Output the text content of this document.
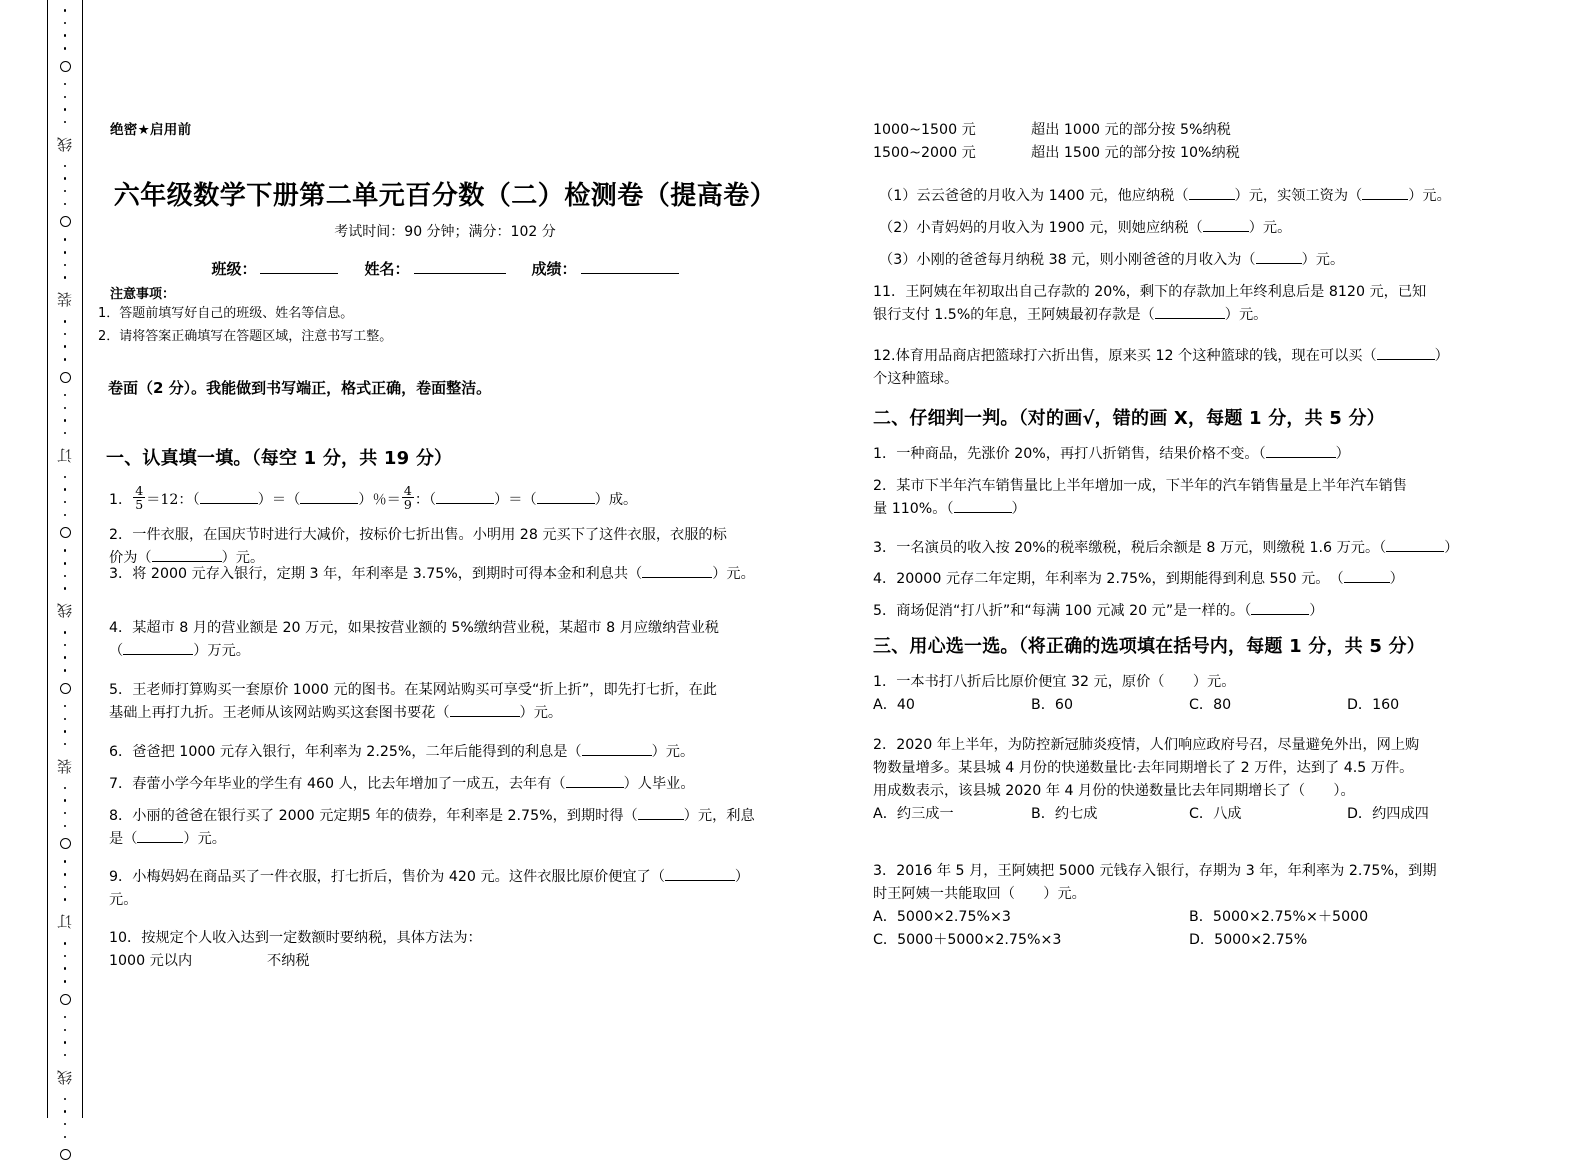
线
装
订
线
装
订
线
绝密★启用前
六年级数学下册第二单元百分数（二）检测卷（提高卷）
考试时间：90 分钟；满分：102 分
班级：	姓名：	成绩：
注意事项：
1．答题前填写好自己的班级、姓名等信息。
2．请将答案正确填写在答题区域，注意书写工整。
卷面（2 分）。我能做到书写端正，格式正确，卷面整洁。
一、认真填一填。（每空 1 分，共 19 分）
1． $\frac{4}{5} =12$：（	）＝（	）％＝ $\frac{4}{9}$ ：（	）＝（	）成。
2．一件衣服，在国庆节时进行大减价，按标价七折出售。小明用 28 元买下了这件衣服，衣服的标
价为（	）元。
3．将 2000 元存入银行，定期 3 年，年利率是 3.75%，到期时可得本金和利息共（	）元。
4．某超市 8 月的营业额是 20 万元，如果按营业额的 5%缴纳营业税，某超市 8 月应缴纳营业税
（	）万元。
5．王老师打算购买一套原价 1000 元的图书。在某网站购买可享受“折上折”，即先打七折，在此
基础上再打九折。王老师从该网站购买这套图书要花（	）元。
6．爸爸把 1000 元存入银行，年利率为 2.25%，二年后能得到的利息是（	）元。
7．春蕾小学今年毕业的学生有 460 人，比去年增加了一成五，去年有（	）人毕业。
8．小丽的爸爸在银行买了 2000 元定期5 年的债券，年利率是 2.75%，到期时得（	）元，利息
是（	）元。
9．小梅妈妈在商品买了一件衣服，打七折后，售价为 420 元。这件衣服比原价便宜了（	）
元。
10．按规定个人收入达到一定数额时要纳税，具体方法为：
1000 元以内	不纳税
1000~1500 元	超出 1000 元的部分按 5%纳税
1500~2000 元	超出 1500 元的部分按 10%纳税
（1）云云爸爸的月收入为 1400 元，他应纳税（	）元，实领工资为（	）元。
（2）小青妈妈的月收入为 1900 元，则她应纳税（	）元。
（3）小刚的爸爸每月纳税 38 元，则小刚爸爸的月收入为（	）元。
11．王阿姨在年初取出自己存款的 20%，剩下的存款加上年终利息后是 8120 元，已知
银行支付 1.5%的年息，王阿姨最初存款是（	）元。
12.体育用品商店把篮球打六折出售，原来买 12 个这种篮球的钱，现在可以买（	）
个这种篮球。
二、仔细判一判。（对的画√，错的画 X，每题 1 分，共 5 分）
1．一种商品，先涨价 20%，再打八折销售，结果价格不变。（	）
2．某市下半年汽车销售量比上半年增加一成，下半年的汽车销售量是上半年汽车销售
量 110%。（	）
3．一名演员的收入按 20%的税率缴税，税后余额是 8 万元，则缴税 1.6 万元。（	）
4．20000 元存二年定期，年利率为 2.75%，到期能得到利息 550 元。　（	）
5．商场促消“打八折”和“每满 100 元减 20 元”是一样的。（	）
三、用心选一选。（将正确的选项填在括号内，每题 1 分，共 5 分）
1．一本书打八折后比原价便宜 32 元，原价（　　）元。
A．40	B．60	C．80	D．160
2．2020 年上半年，为防控新冠肺炎疫情，人们响应政府号召，尽量避免外出，网上购
物数量增多。某县城 4 月份的快递数量比·去年同期增长了 2 万件，达到了 4.5 万件。
用成数表示，该县城 2020 年 4 月份的快递数量比去年同期增长了（　　）。
A．约三成一	B．约七成	C．八成	D．约四成四
3．2016 年 5 月，王阿姨把 5000 元钱存入银行，存期为 3 年，年利率为 2.75%，到期
时王阿姨一共能取回（　　）元。
A．5000×2.75%×3	B．5000×2.75%×＋5000
C．5000＋5000×2.75%×3	D．5000×2.75%
